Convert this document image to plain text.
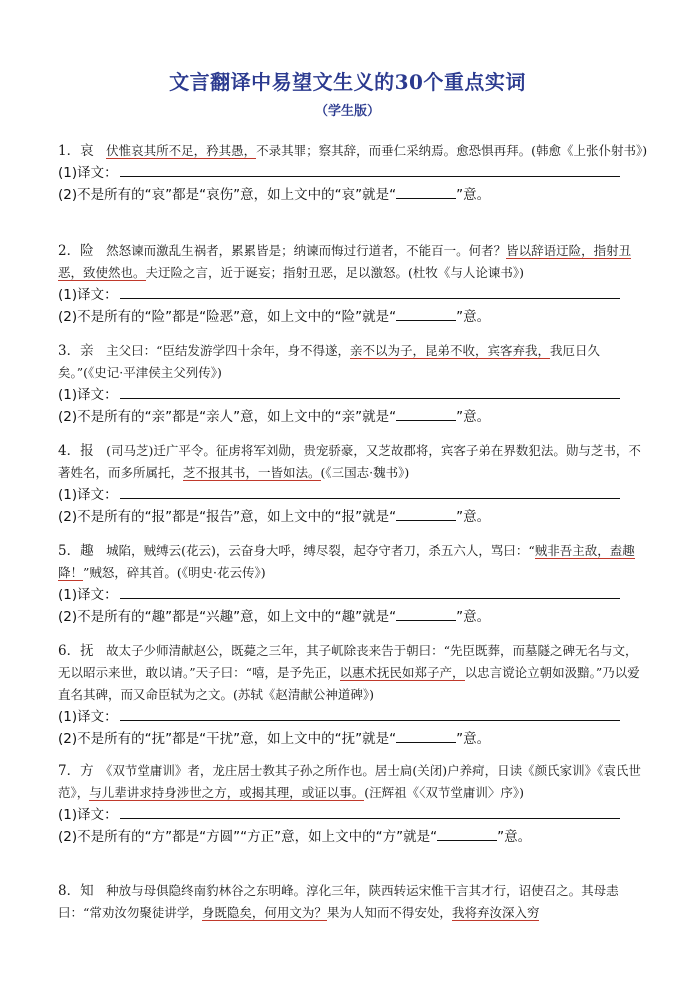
文言翻译中易望文生义的30个重点实词
（学生版）

1．哀　 伏惟哀其所不足，矜其愚，不录其罪；察其辞，而垂仁采纳焉。愈恐惧再拜。(韩愈《上张仆射书》)

(1)译文：

(2)不是所有的“哀”都是“哀伤”意，如上文中的“哀”就是“	”意。

2．险　 然怒谏而激乱生祸者，累累皆是；纳谏而悔过行道者，不能百一。何者？皆以辞语迂险，指射丑恶，致使然也。夫迂险之言，近于诞妄；指射丑恶，足以激怒。(杜牧《与人论谏书》)

(1)译文：

(2)不是所有的“险”都是“险恶”意，如上文中的“险”就是“	”意。

3．亲　 主父曰：“臣结发游学四十余年，身不得遂，亲不以为子，昆弟不收，宾客弃我，我厄日久矣。”(《史记·平津侯主父列传》)

(1)译文：

(2)不是所有的“亲”都是“亲人”意，如上文中的“亲”就是“	”意。

4．报　 (司马芝)迁广平令。征虏将军刘勋，贵宠骄豪，又芝故郡将，宾客子弟在界数犯法。勋与芝书，不著姓名，而多所属托，芝不报其书，一皆如法。(《三国志·魏书》)

(1)译文：

(2)不是所有的“报”都是“报告”意，如上文中的“报”就是“	”意。

5．趣　 城陷，贼缚云(花云)，云奋身大呼，缚尽裂，起夺守者刀，杀五六人，骂曰：“贼非吾主敌，盍趣降！”贼怒，碎其首。(《明史·花云传》)

(1)译文：

(2)不是所有的“趣”都是“兴趣”意，如上文中的“趣”就是“	”意。

6．抚　 故太子少师清献赵公，既薨之三年，其子屼除丧来告于朝曰：“先臣既葬，而墓隧之碑无名与文，无以昭示来世，敢以请。”天子曰：“嘻，是予先正，以惠术抚民如郑子产，以忠言谠论立朝如汲黯。”乃以爱直名其碑，而又命臣轼为之文。(苏轼《赵清献公神道碑》)

(1)译文：

(2)不是所有的“抚”都是“干扰”意，如上文中的“抚”就是“	”意。

7．方　 《双节堂庸训》者，龙庄居士教其子孙之所作也。居士扃(关闭)户养疴，日读《颜氏家训》《袁氏世范》，与儿辈讲求持身涉世之方，或揭其理，或证以事。(汪辉祖《〈双节堂庸训〉序》)

(1)译文：

(2)不是所有的“方”都是“方圆”“方正”意，如上文中的“方”就是“	”意。

8．知　 种放与母俱隐终南豹林谷之东明峰。淳化三年，陕西转运宋惟干言其才行，诏使召之。其母恚曰：“常劝汝勿聚徒讲学，身既隐矣，何用文为？果为人知而不得安处，我将弃汝深入穷
